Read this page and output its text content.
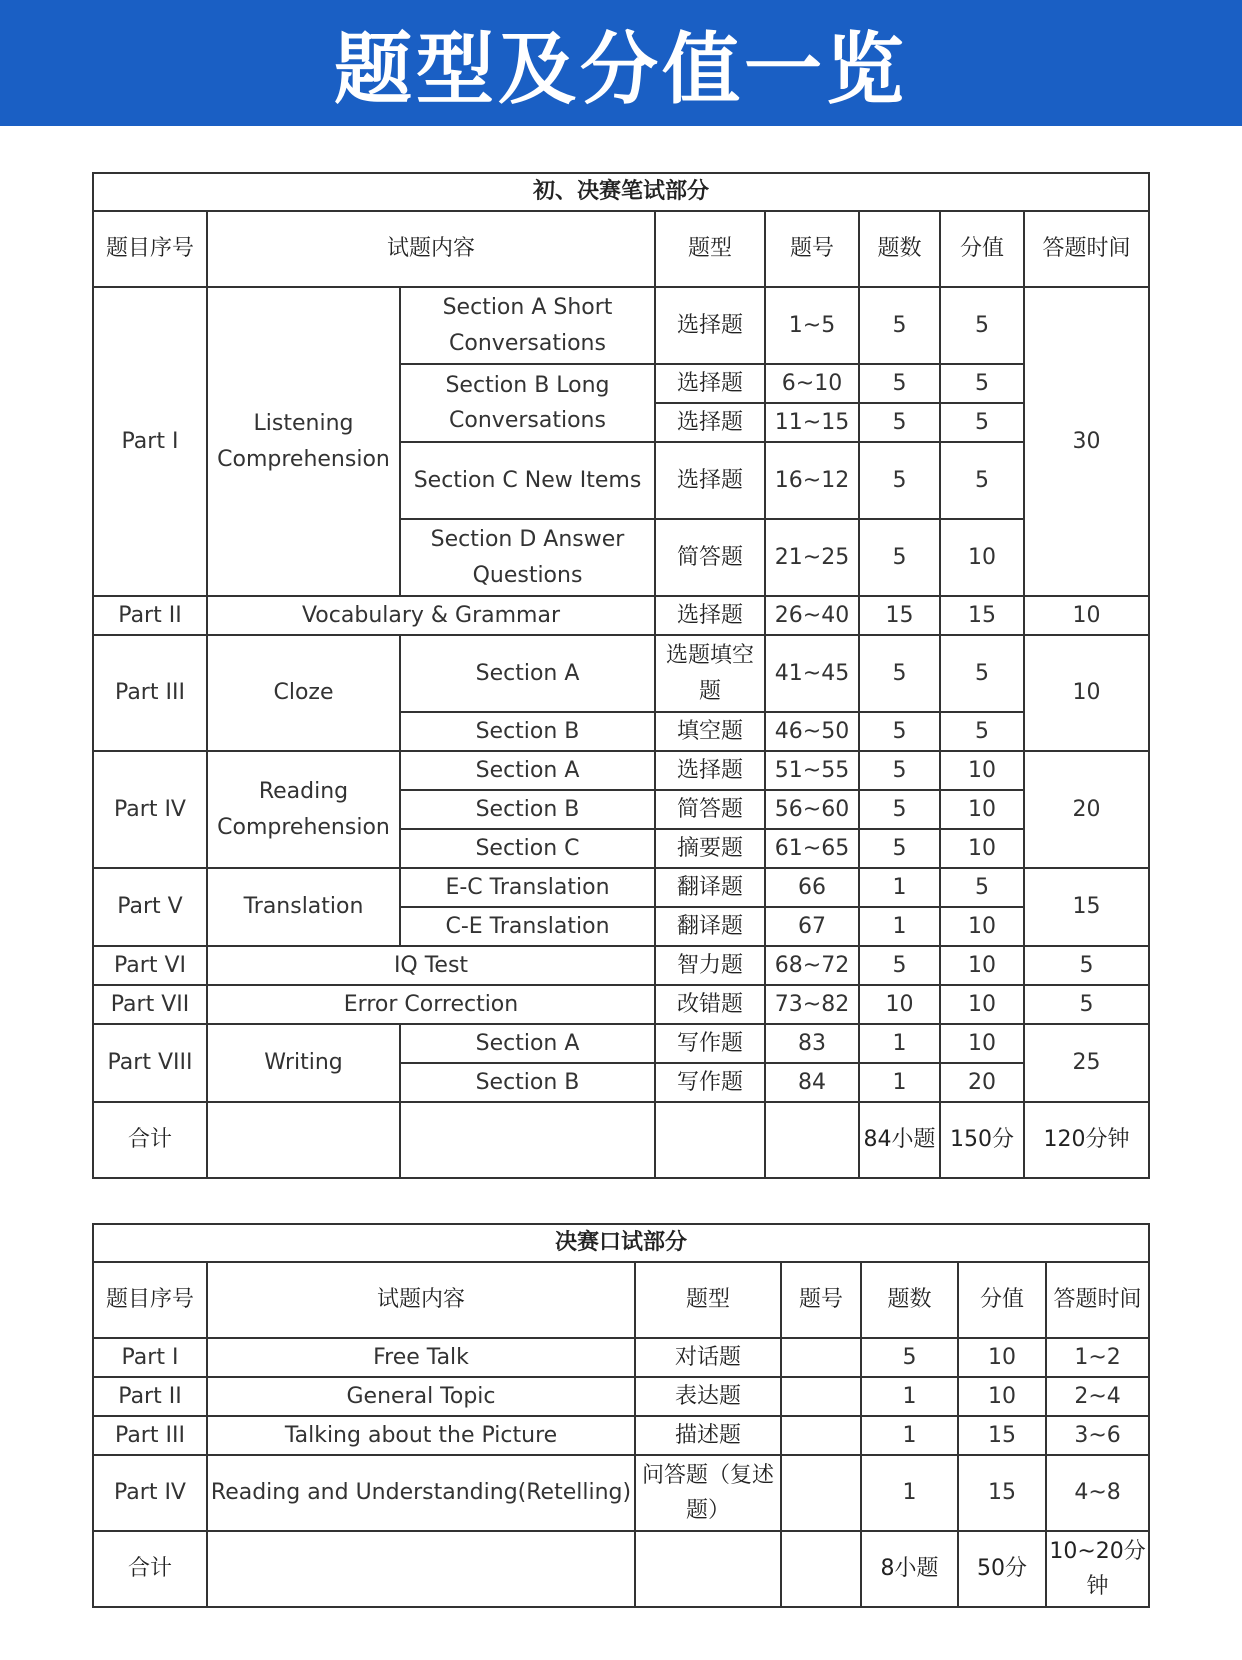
题型及分值一览
初、决赛笔试部分							
题目序号	试题内容		题型	题号	题数	分值	答题时间
Part I	Listening Comprehension	Section A Short Conversations	选择题	1~5	5	5	30
		Section B Long Conversations	选择题	6~10	5	5	
			选择题	11~15	5	5	
		Section C New Items	选择题	16~12	5	5	
		Section D Answer Questions	简答题	21~25	5	10	

Part II	Vocabulary & Grammar		选择题	26~40	15	15	10
Part III	Cloze	Section A	选题填空题	41~45	5	5	10
		Section B	填空题	46~50	5	5	
Part IV	Reading Comprehension	Section A	选择题	51~55	5	10	20
		Section B	简答题	56~60	5	10	
		Section C	摘要题	61~65	5	10	
Part V	Translation	E-C Translation	翻译题	66	1	5	15
		C-E Translation	翻译题	67	1	10	
Part VI	IQ Test		智力题	68~72	5	10	5
Part VII	Error Correction		改错题	73~82	10	10	5
Part VIII	Writing	Section A	写作题	83	1	10	25
		Section B	写作题	84	1	20	
合计					84小题	150分	120分钟
决赛口试部分						
题目序号	试题内容	题型	题号	题数	分值	答题时间
Part I	Free Talk	对话题		5	10	1~2
Part II	General Topic	表达题		1	10	2~4
Part III	Talking about the Picture	描述题		1	15	3~6
Part IV	Reading and Understanding(Retelling)	问答题（复述题）		1	15	4~8
合计				8小题	50分	10~20分钟
